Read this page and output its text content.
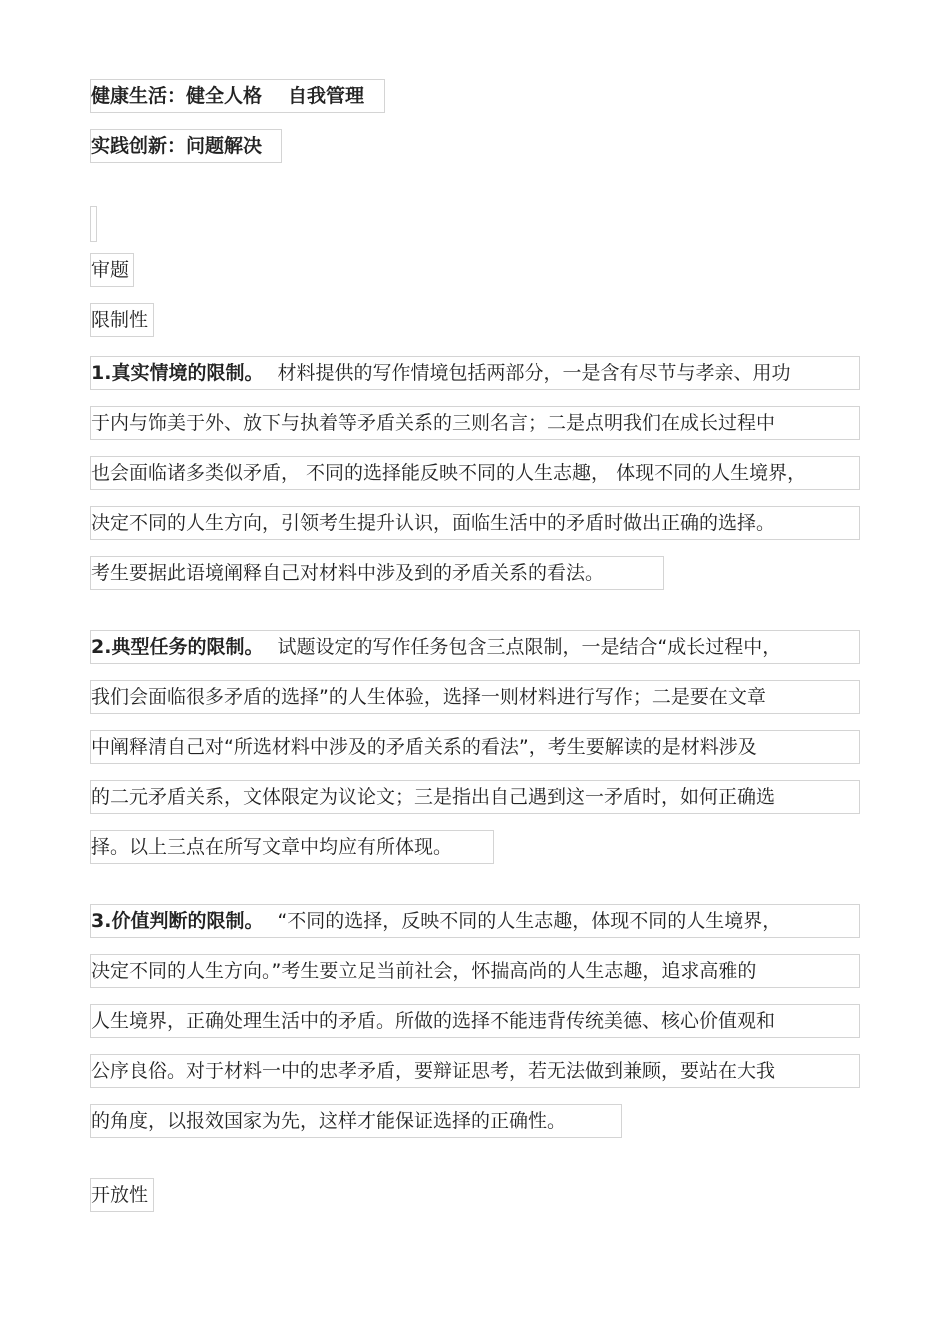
健康生活：健全人格 自我管理
实践创新：问题解决
审题
限制性
1.真实情境的限制。 材料提供的写作情境包括两部分，一是含有尽节与孝亲、用功
于内与饰美于外、放下与执着等矛盾关系的三则名言；二是点明我们在成长过程中
也会面临诸多类似矛盾， 不同的选择能反映不同的人生志趣， 体现不同的人生境界，
决定不同的人生方向，引领考生提升认识，面临生活中的矛盾时做出正确的选择。
考生要据此语境阐释自己对材料中涉及到的矛盾关系的看法。
2.典型任务的限制。 试题设定的写作任务包含三点限制，一是结合“成长过程中，
我们会面临很多矛盾的选择”的人生体验，选择一则材料进行写作；二是要在文章
中阐释清自己对“所选材料中涉及的矛盾关系的看法”，考生要解读的是材料涉及
的二元矛盾关系，文体限定为议论文；三是指出自己遇到这一矛盾时，如何正确选
择。以上三点在所写文章中均应有所体现。
3.价值判断的限制。 “不同的选择，反映不同的人生志趣，体现不同的人生境界，
决定不同的人生方向。”考生要立足当前社会，怀揣高尚的人生志趣，追求高雅的
人生境界，正确处理生活中的矛盾。所做的选择不能违背传统美德、核心价值观和
公序良俗。对于材料一中的忠孝矛盾，要辩证思考，若无法做到兼顾，要站在大我
的角度，以报效国家为先，这样才能保证选择的正确性。
开放性
